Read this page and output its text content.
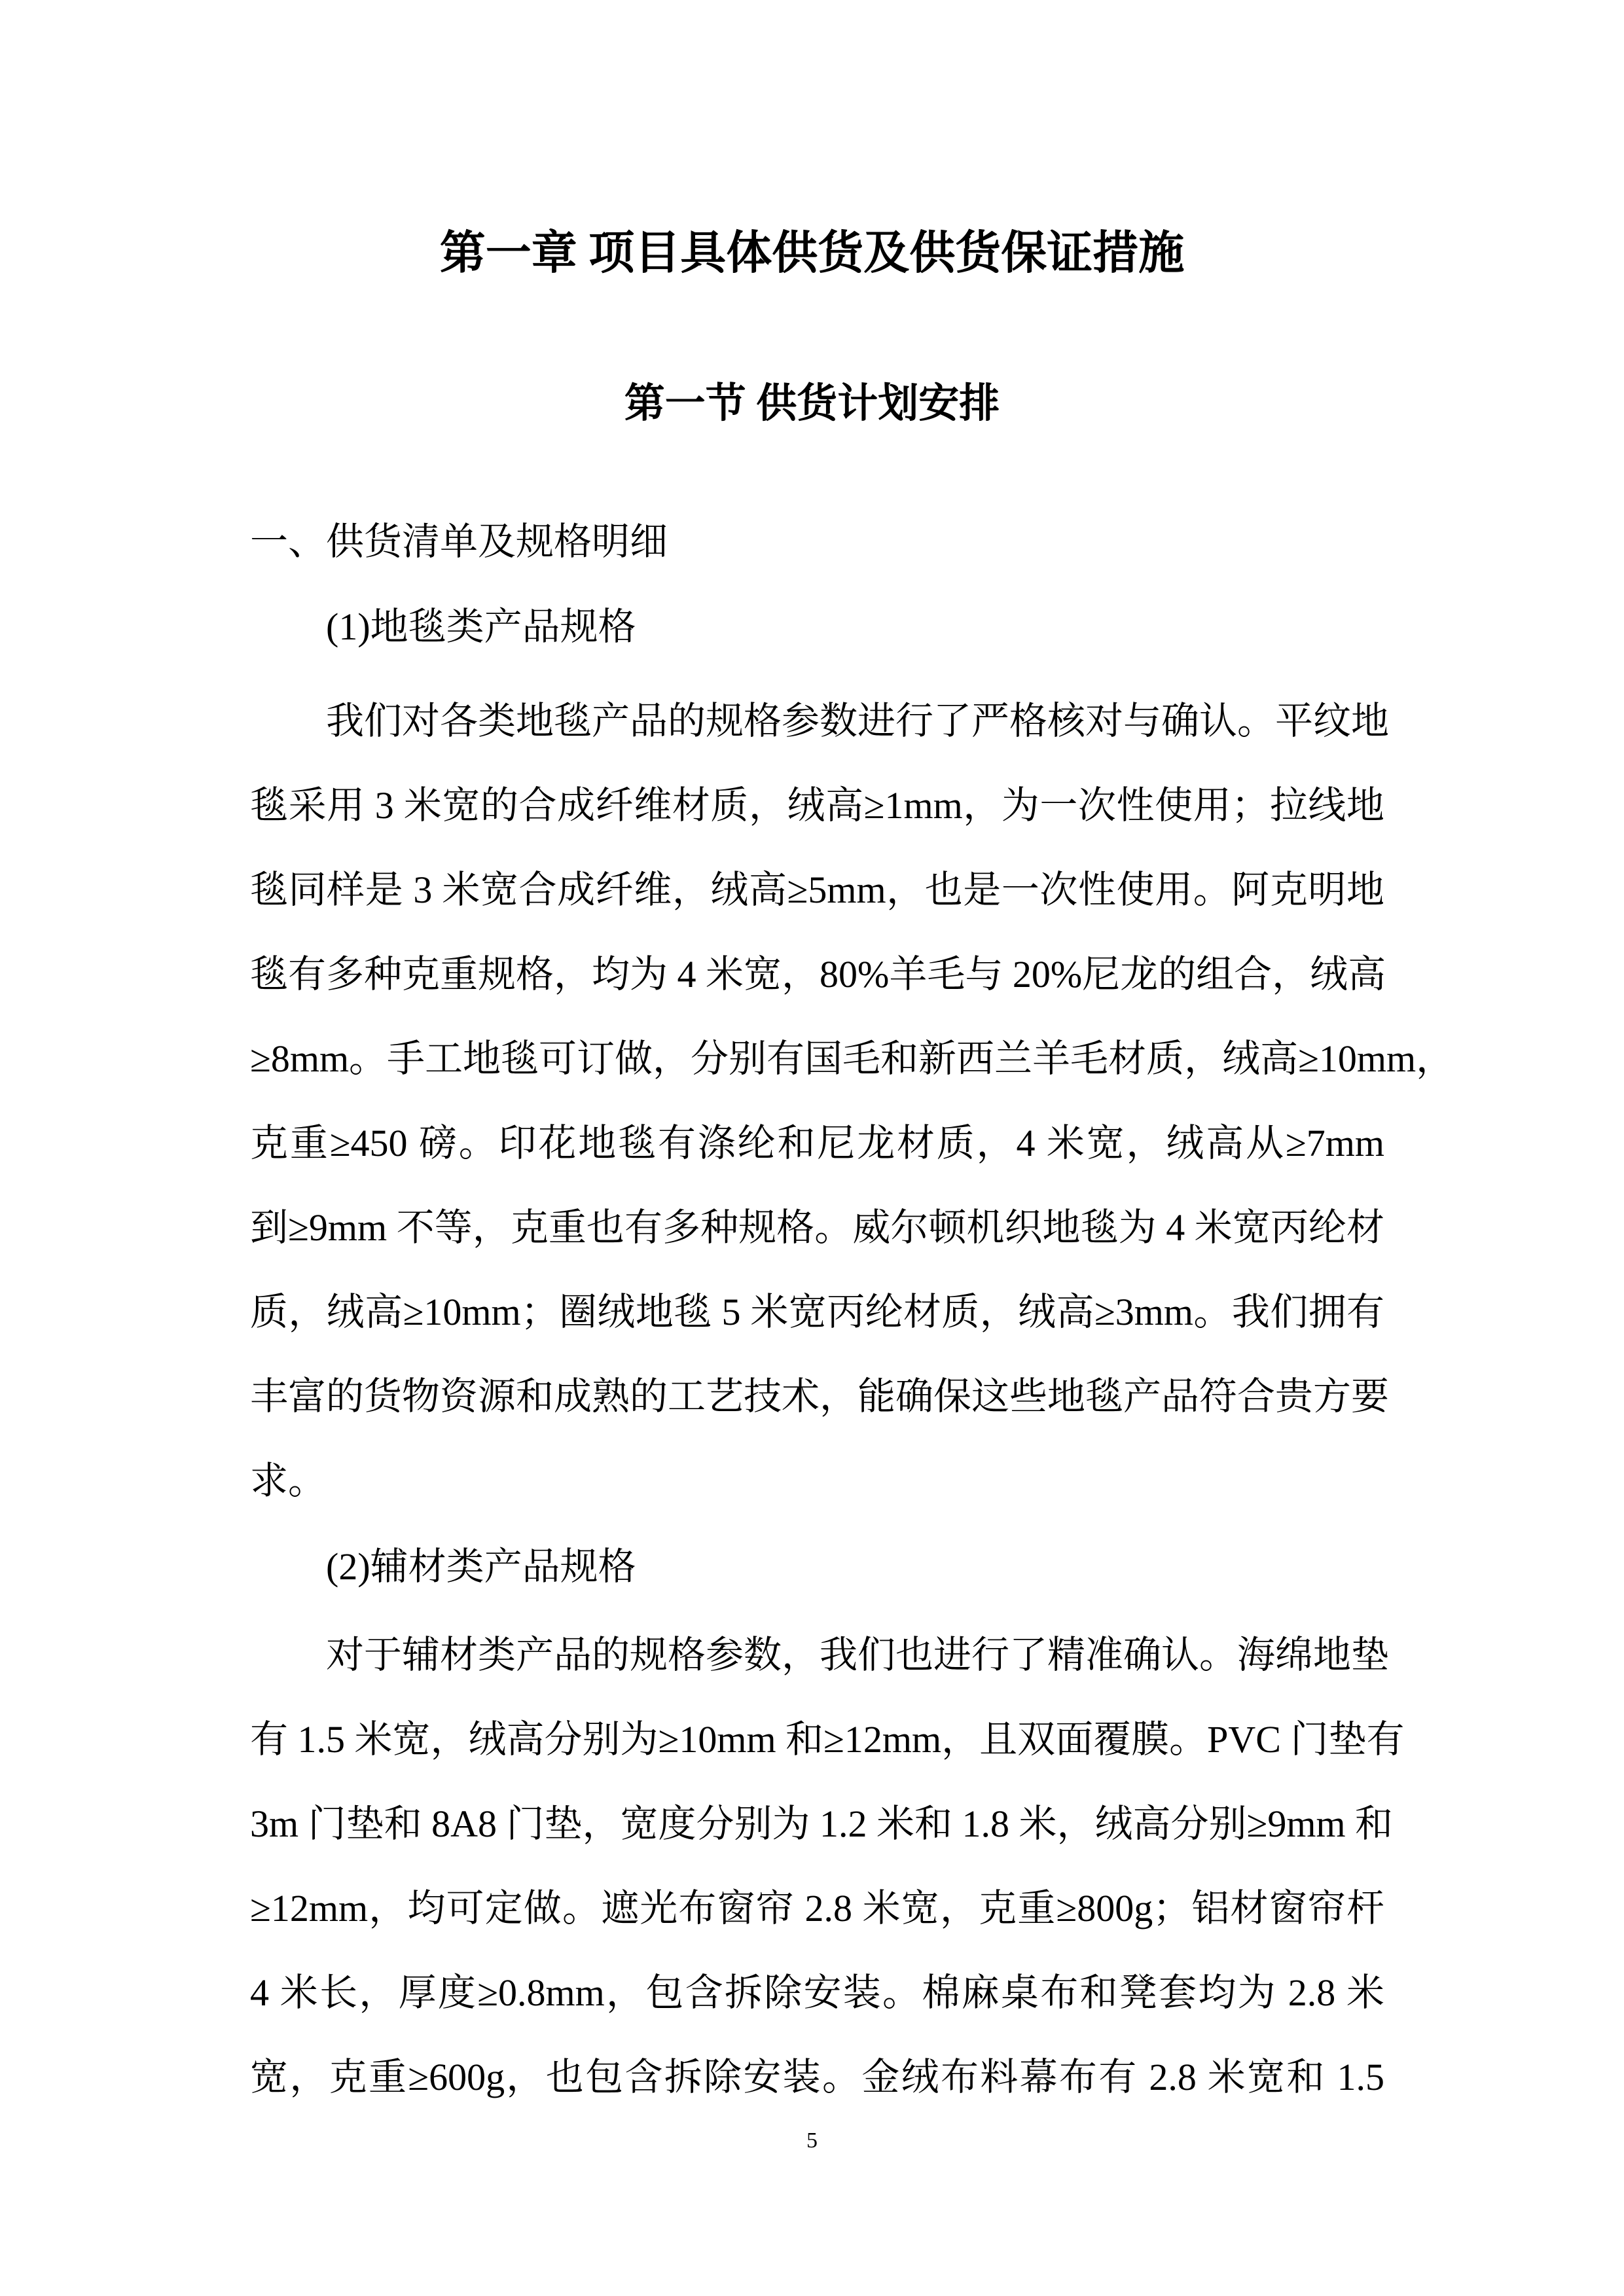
第一章 项目具体供货及供货保证措施
第一节 供货计划安排
一、供货清单及规格明细
(1)地毯类产品规格
我们对各类地毯产品的规格参数进行了严格核对与确认。平纹地
毯采用 3 米宽的合成纤维材质，绒高≥1mm，为一次性使用；拉线地
毯同样是 3 米宽合成纤维，绒高≥5mm，也是一次性使用。阿克明地
毯有多种克重规格，均为 4 米宽，80%羊毛与 20%尼龙的组合，绒高
≥8mm。手工地毯可订做，分别有国毛和新西兰羊毛材质，绒高≥10mm，
克重≥450 磅。印花地毯有涤纶和尼龙材质，4 米宽，绒高从≥7mm
到≥9mm 不等，克重也有多种规格。威尔顿机织地毯为 4 米宽丙纶材
质，绒高≥10mm；圈绒地毯 5 米宽丙纶材质，绒高≥3mm。我们拥有
丰富的货物资源和成熟的工艺技术，能确保这些地毯产品符合贵方要
求。
(2)辅材类产品规格
对于辅材类产品的规格参数，我们也进行了精准确认。海绵地垫
有 1.5 米宽，绒高分别为≥10mm 和≥12mm，且双面覆膜。PVC 门垫有
3m 门垫和 8A8 门垫，宽度分别为 1.2 米和 1.8 米，绒高分别≥9mm 和
≥12mm，均可定做。遮光布窗帘 2.8 米宽，克重≥800g；铝材窗帘杆
4 米长，厚度≥0.8mm，包含拆除安装。棉麻桌布和凳套均为 2.8 米
宽，克重≥600g，也包含拆除安装。金绒布料幕布有 2.8 米宽和 1.5
5
